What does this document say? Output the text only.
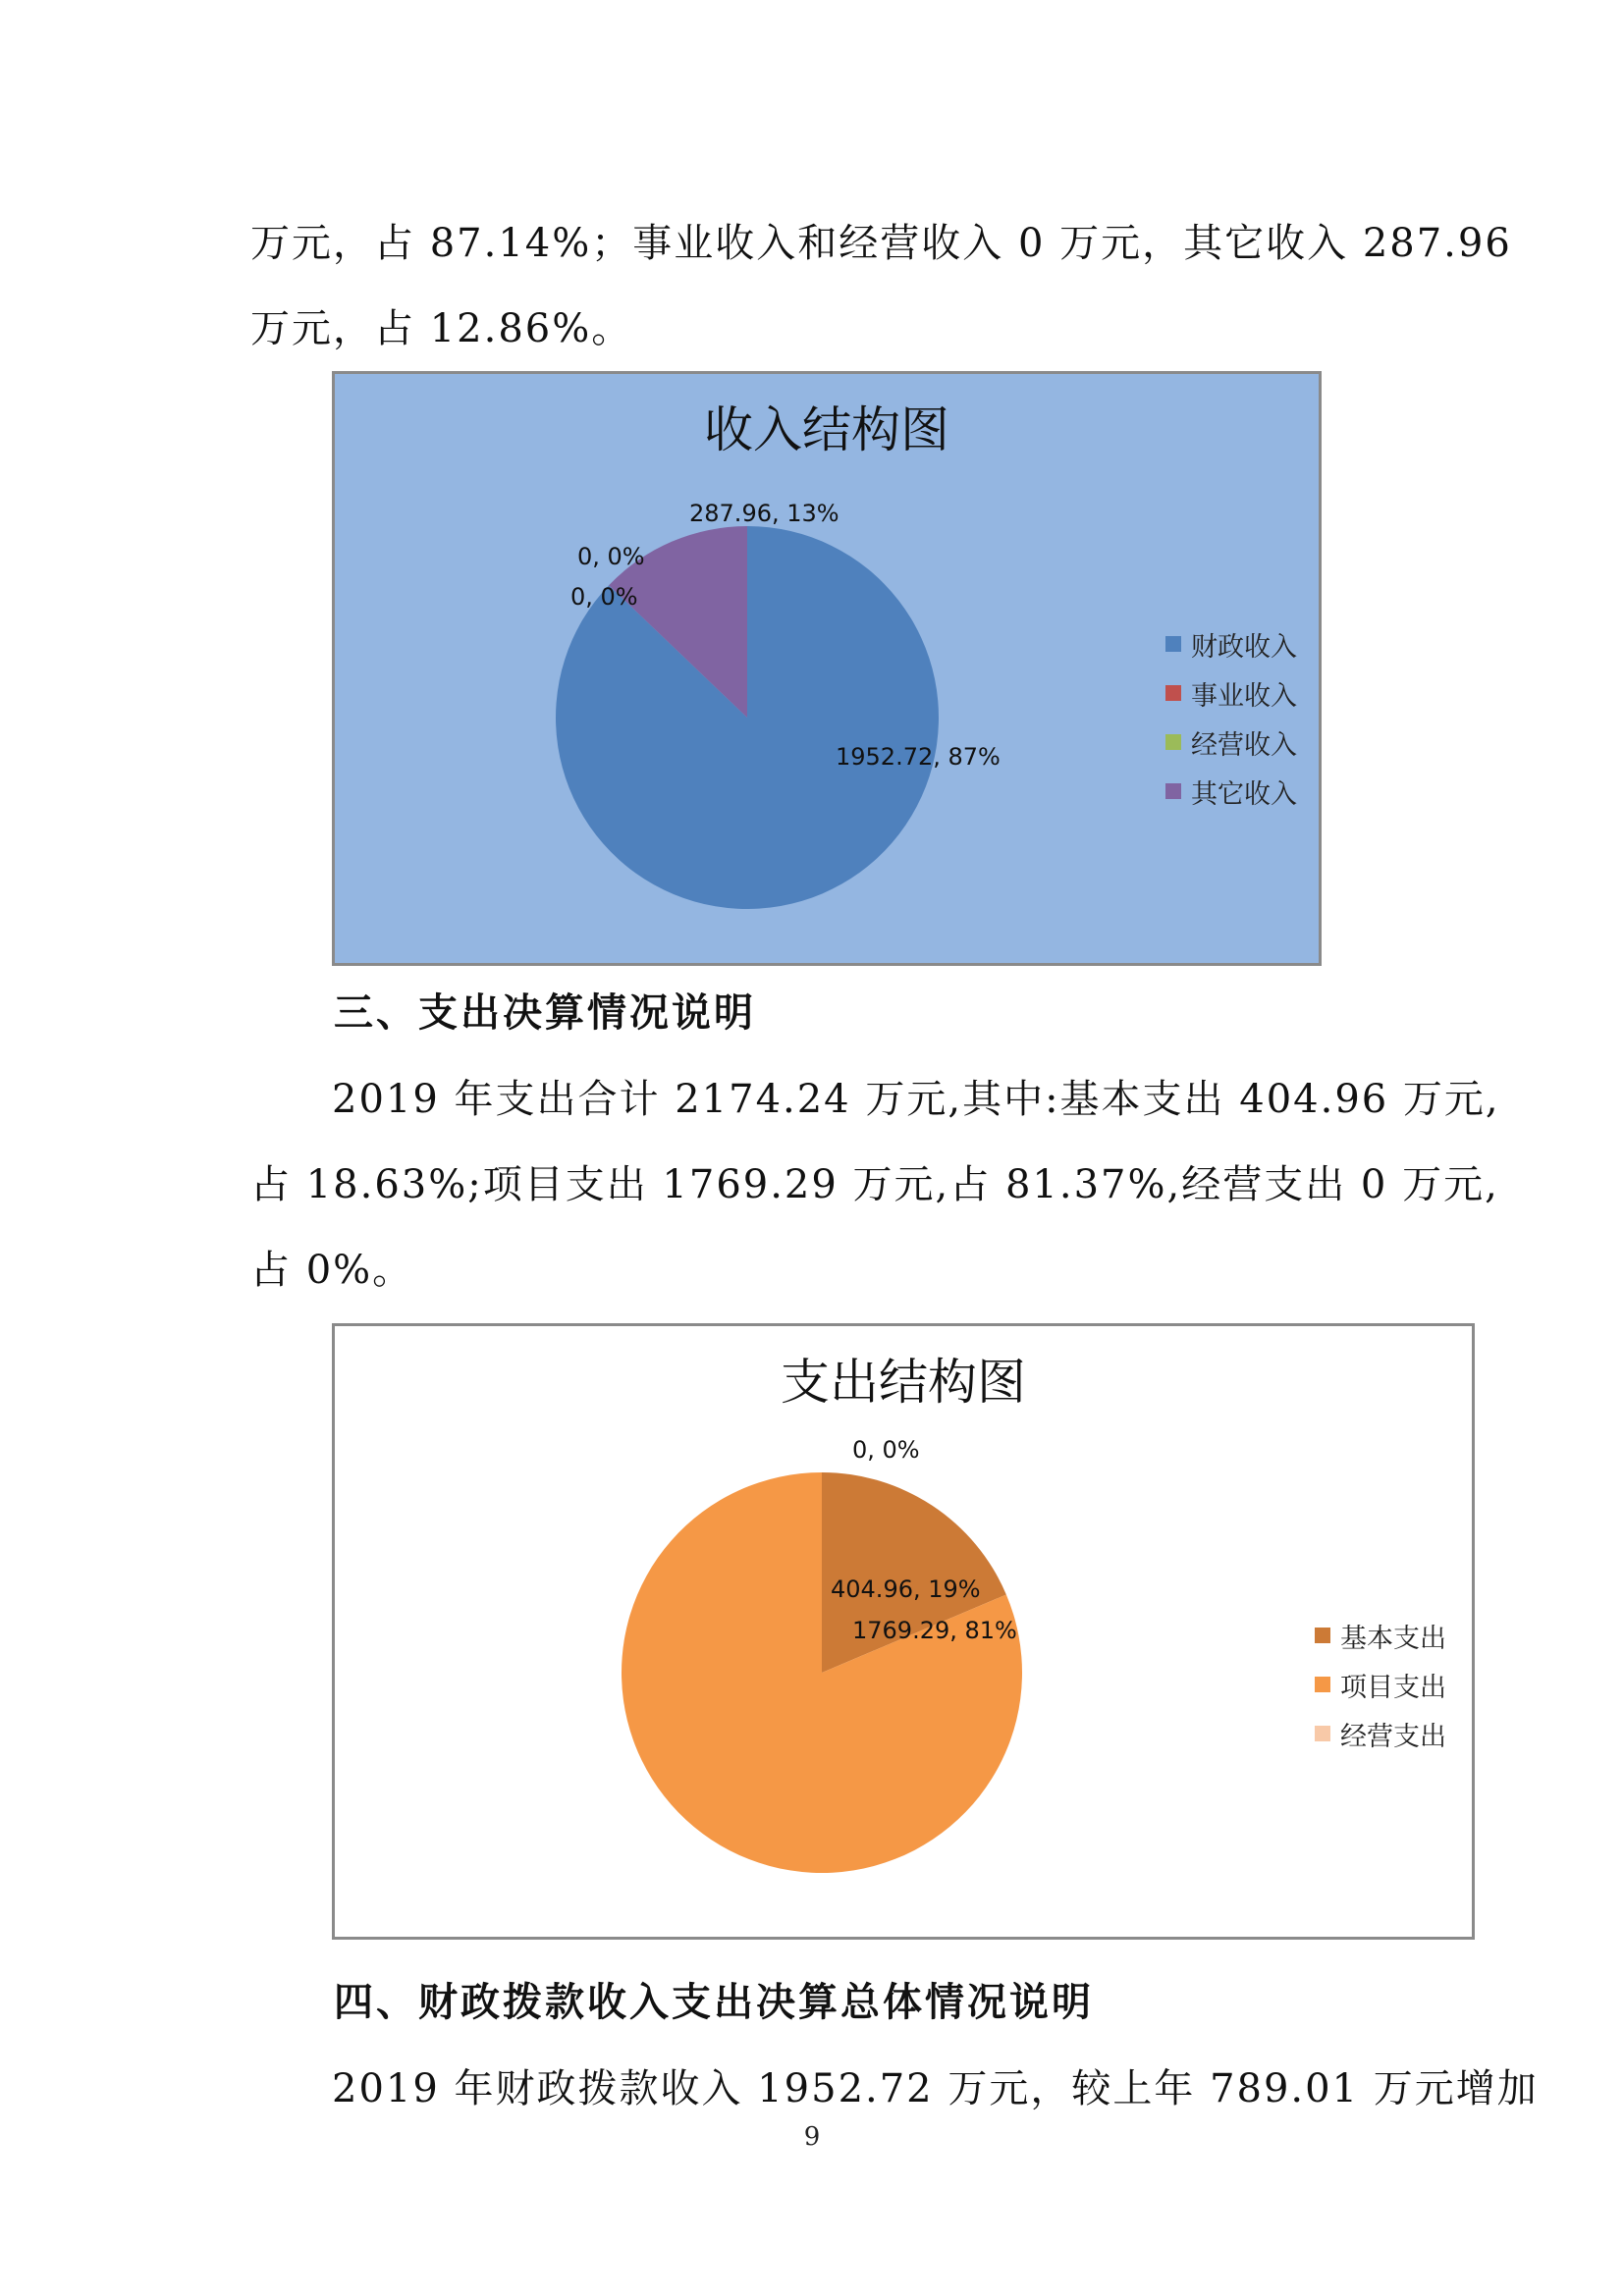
万元，占 87.14%；事业收入和经营收入 0 万元，其它收入 287.96
万元，占 12.86%。
收入结构图
1952.72, 87%
0, 0%
0, 0%
287.96, 13%
财政收入
事业收入
经营收入
其它收入
三、支出决算情况说明
2019 年支出合计 2174.24 万元,其中:基本支出 404.96 万元,
占 18.63%;项目支出 1769.29 万元,占 81.37%,经营支出 0 万元,
占 0%。
支出结构图
404.96, 19%
1769.29, 81%
0, 0%
基本支出
项目支出
经营支出
四、财政拨款收入支出决算总体情况说明
2019 年财政拨款收入 1952.72 万元，较上年 789.01 万元增加
9
